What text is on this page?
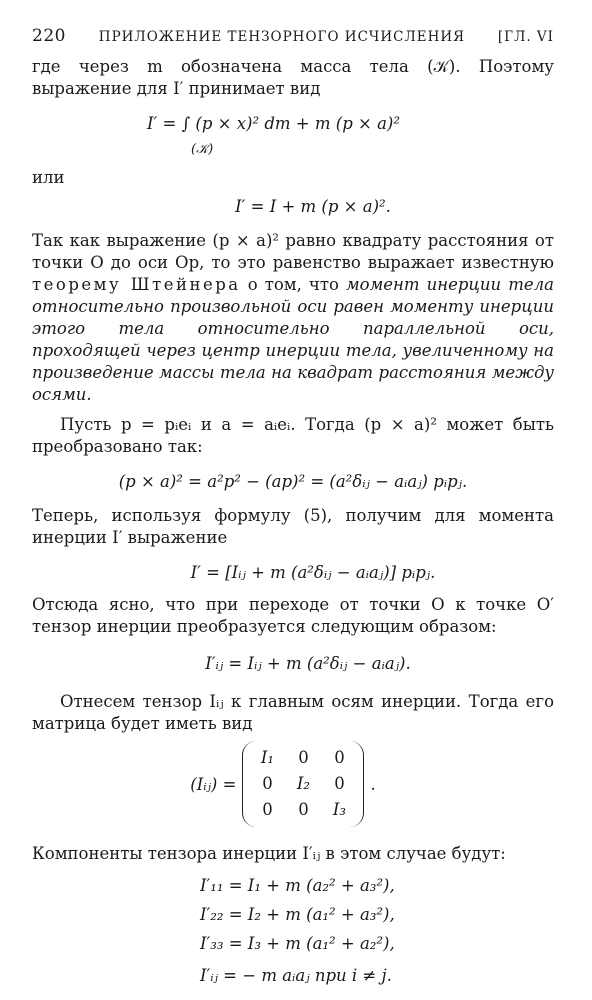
220 ПРИЛОЖЕНИЕ ТЕНЗОРНОГО ИСЧИСЛЕНИЯ [ГЛ. VI

где через m обозначена масса тела (𝒦). Поэтому выражение для I′ принимает вид

I′ = ∫ (p × x)² dm + m (p × a)²
(𝒦)
или
I′ = I + m (p × a)².

Так как выражение (p × a)² равно квадрату расстояния от точки O до оси Op, то это равенство выражает известную теорему Штейнера о том, что момент инерции тела относительно произвольной оси равен моменту инерции этого тела относительно параллельной оси, проходящей через центр инерции тела, увеличенному на произведение массы тела на квадрат расстояния между осями.

Пусть p = pᵢeᵢ и a = aᵢeᵢ. Тогда (p × a)² может быть преобразовано так:

(p × a)² = a²p² − (ap)² = (a²δᵢⱼ − aᵢaⱼ) pᵢpⱼ.

Теперь, используя формулу (5), получим для момента инерции I′ выражение

I′ = [Iᵢⱼ + m (a²δᵢⱼ − aᵢaⱼ)] pᵢpⱼ.

Отсюда ясно, что при переходе от точки O к точке O′ тензор инерции преобразуется следующим образом:

I′ᵢⱼ = Iᵢⱼ + m (a²δᵢⱼ − aᵢaⱼ).

Отнесем тензор Iᵢⱼ к главным осям инерции. Тогда его матрица будет иметь вид

(Iᵢⱼ) =
I₁	0	0
0	I₂	0
0	0	I₃
.

Компоненты тензора инерции I′ᵢⱼ в этом случае будут:

I′₁₁ = I₁ + m (a₂² + a₃²),
I′₂₂ = I₂ + m (a₁² + a₃²),
I′₃₃ = I₃ + m (a₁² + a₂²),
I′ᵢⱼ = − m aᵢaⱼ при i ≠ j.
